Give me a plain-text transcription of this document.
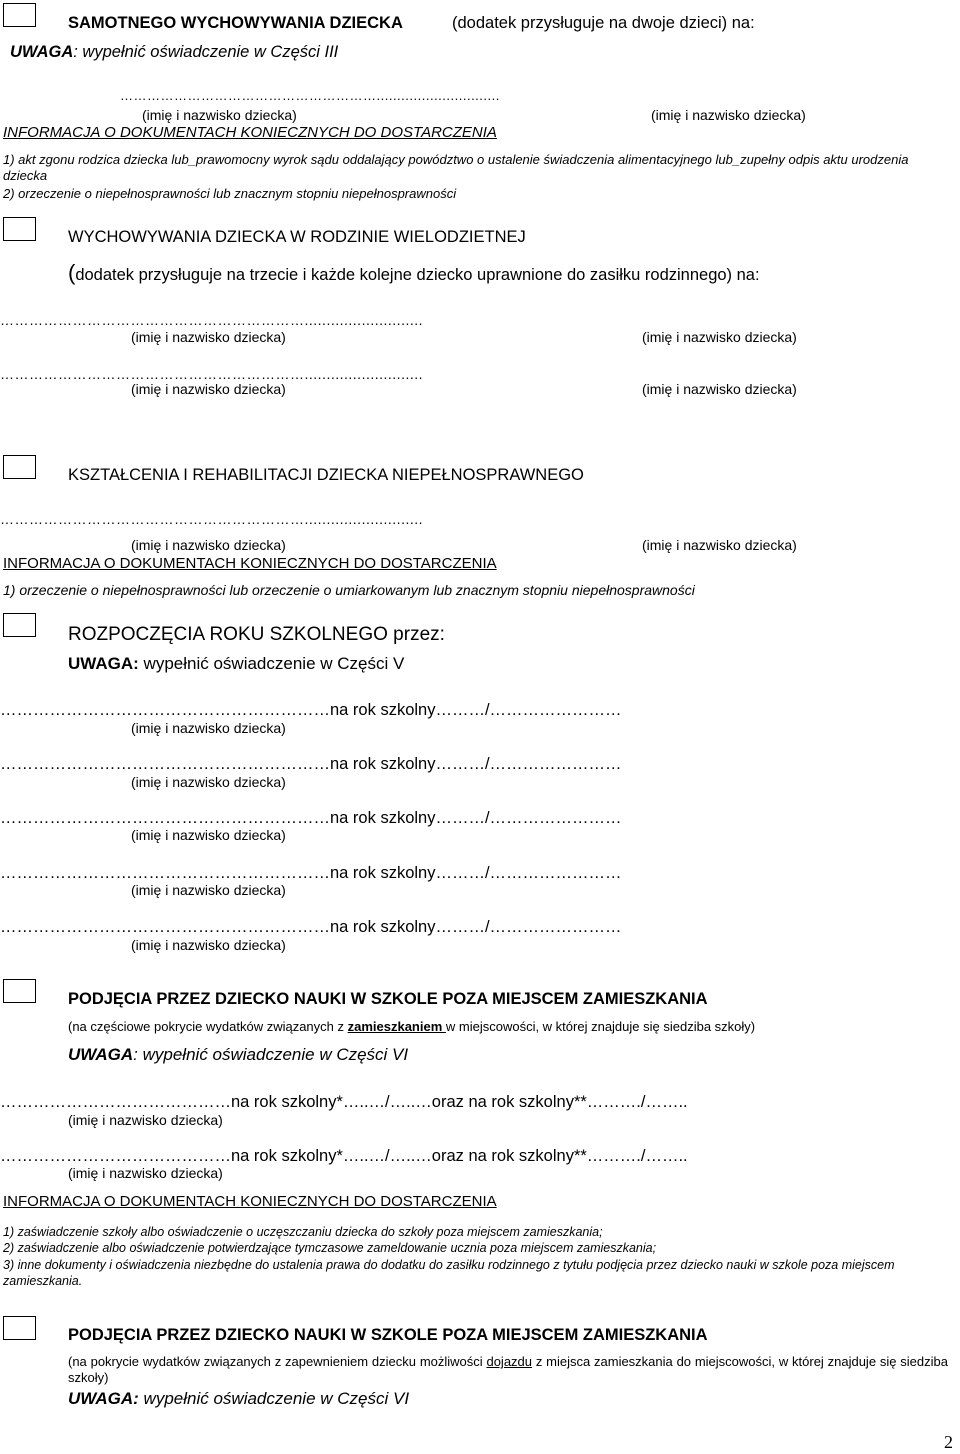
SAMOTNEGO WYCHOWYWANIA DZIECKA	(dodatek przysługuje na dwoje dzieci) na:
UWAGA: wypełnić oświadczenie w Części III
…………………………………………………..............................
(imię i nazwisko dziecka)	(imię i nazwisko dziecka)
INFORMACJA O DOKUMENTACH KONIECZNYCH DO DOSTARCZENIA
1) akt zgonu rodzica dziecka lub_prawomocny wyrok sądu oddalający powództwo o ustalenie świadczenia alimentacyjnego lub_zupełny odpis aktu urodzenia dziecka
2) orzeczenie o niepełnosprawności lub znacznym stopniu niepełnosprawności
WYCHOWYWANIA DZIECKA W RODZINIE WIELODZIETNEJ
(dodatek przysługuje na trzecie i każde kolejne dziecko uprawnione do zasiłku rodzinnego) na:
………………………………………………………...........................
(imię i nazwisko dziecka)	(imię i nazwisko dziecka)
………………………………………………………...........................
(imię i nazwisko dziecka)	(imię i nazwisko dziecka)
KSZTAŁCENIA I REHABILITACJI DZIECKA NIEPEŁNOSPRAWNEGO
………………………………………………………...........................
(imię i nazwisko dziecka)	(imię i nazwisko dziecka)
INFORMACJA O DOKUMENTACH KONIECZNYCH DO DOSTARCZENIA
1) orzeczenie o niepełnosprawności lub orzeczenie o umiarkowanym lub znacznym stopniu niepełnosprawności
ROZPOCZĘCIA ROKU SZKOLNEGO przez:
UWAGA: wypełnić oświadczenie w Części V
……………………………………………………na rok szkolny………/……………………
(imię i nazwisko dziecka)
……………………………………………………na rok szkolny………/……………………
(imię i nazwisko dziecka)
……………………………………………………na rok szkolny………/……………………
(imię i nazwisko dziecka)
……………………………………………………na rok szkolny………/……………………
(imię i nazwisko dziecka)
……………………………………………………na rok szkolny………/……………………
(imię i nazwisko dziecka)
PODJĘCIA PRZEZ DZIECKO NAUKI W SZKOLE POZA MIEJSCEM ZAMIESZKANIA
(na częściowe pokrycie wydatków związanych z zamieszkaniem w miejscowości, w której znajduje się siedziba szkoły)
UWAGA: wypełnić oświadczenie w Części VI
……………………………………na rok szkolny*…..…/…..…oraz na rok szkolny**………./……..
(imię i nazwisko dziecka)
……………………………………na rok szkolny*…..…/…..…oraz na rok szkolny**………./……..
(imię i nazwisko dziecka)
INFORMACJA O DOKUMENTACH KONIECZNYCH DO DOSTARCZENIA
1) zaświadczenie szkoły albo oświadczenie o uczęszczaniu dziecka do szkoły poza miejscem zamieszkania;
2) zaświadczenie albo oświadczenie potwierdzające tymczasowe zameldowanie ucznia poza miejscem zamieszkania;
3) inne dokumenty i oświadczenia niezbędne do ustalenia prawa do dodatku do zasiłku rodzinnego z tytułu podjęcia przez dziecko nauki w szkole poza miejscem zamieszkania.
PODJĘCIA PRZEZ DZIECKO NAUKI W SZKOLE POZA MIEJSCEM ZAMIESZKANIA
(na pokrycie wydatków związanych z zapewnieniem dziecku możliwości dojazdu z miejsca zamieszkania do miejscowości, w której znajduje się siedziba szkoły)
UWAGA: wypełnić oświadczenie w Części VI
2
